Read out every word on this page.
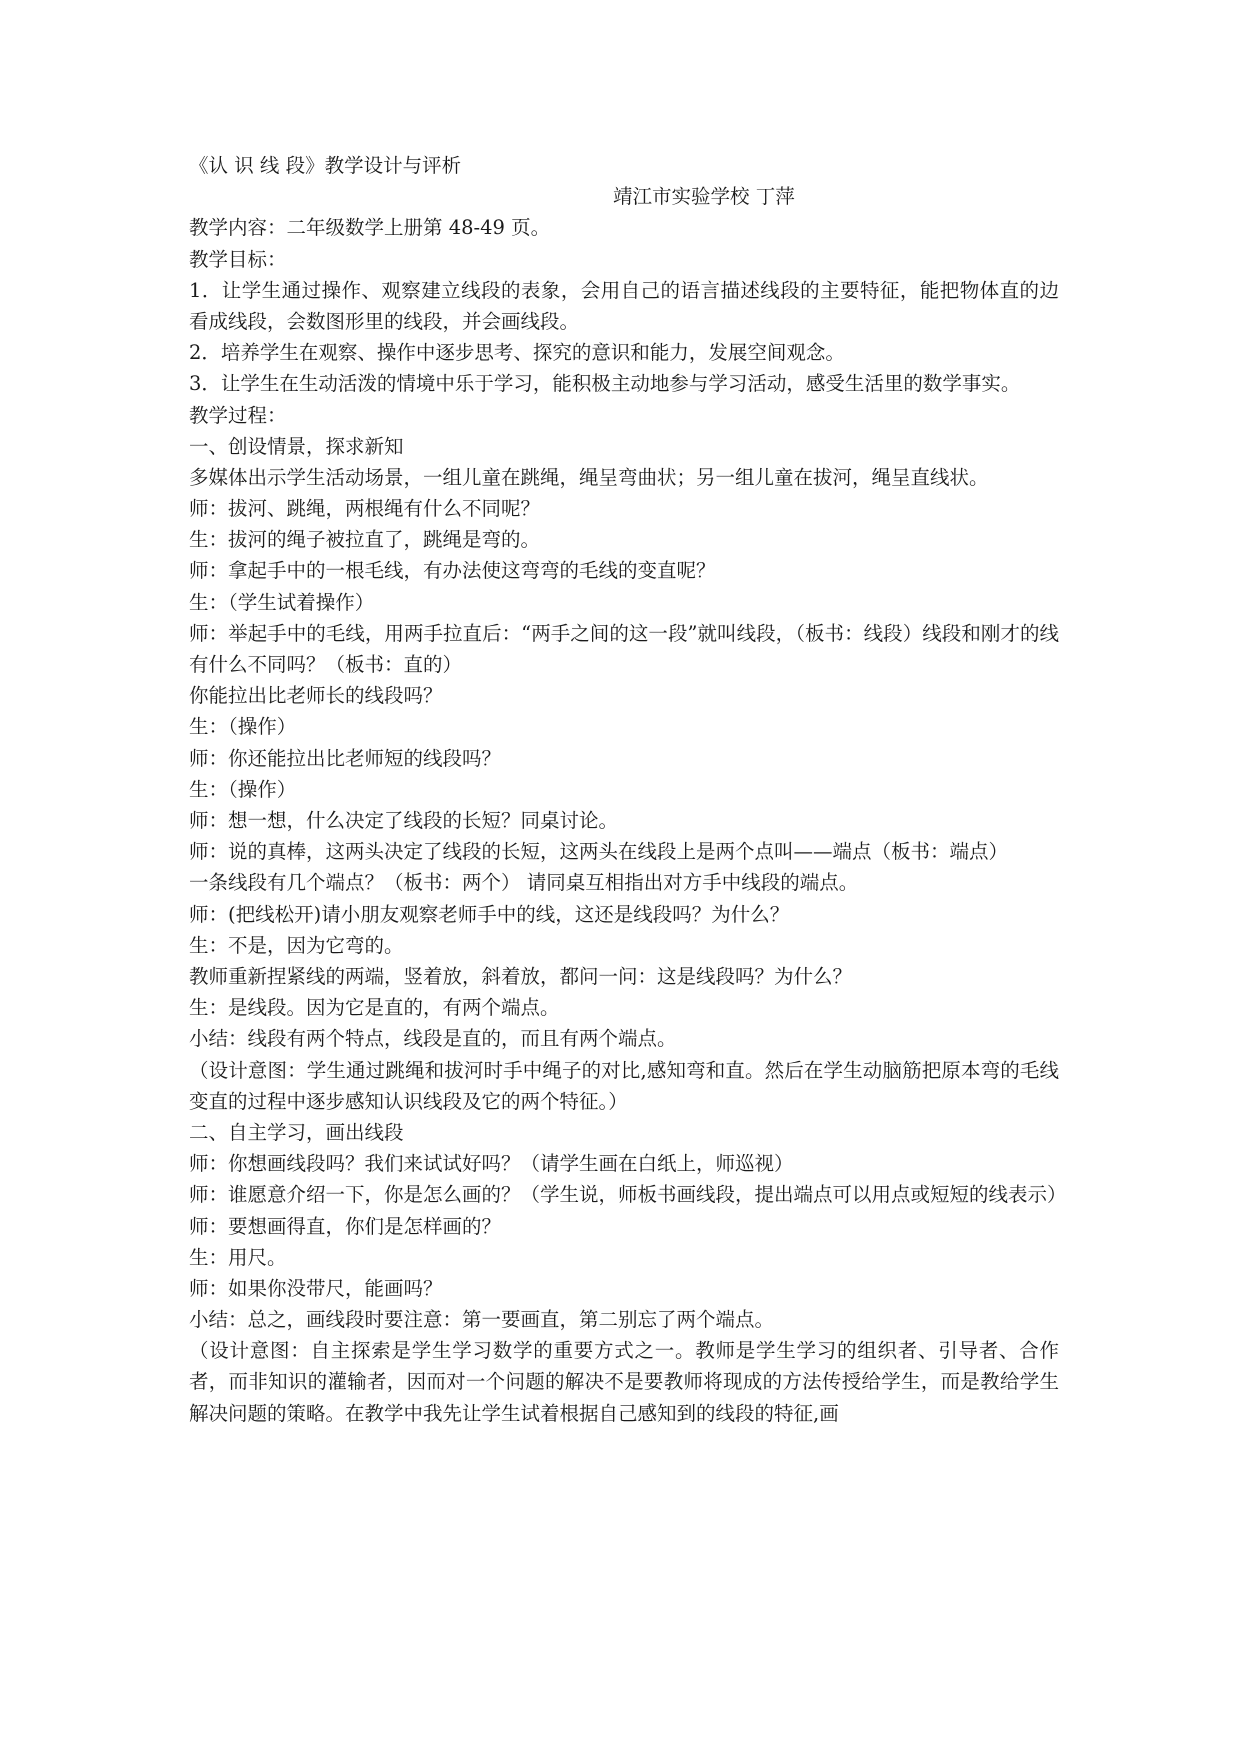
《认 识 线 段》教学设计与评析
靖江市实验学校 丁萍
教学内容：二年级数学上册第 48-49 页。
教学目标：
1．让学生通过操作、观察建立线段的表象，会用自己的语言描述线段的主要特征，能把物体直的边看成线段，会数图形里的线段，并会画线段。
2．培养学生在观察、操作中逐步思考、探究的意识和能力，发展空间观念。
3．让学生在生动活泼的情境中乐于学习，能积极主动地参与学习活动，感受生活里的数学事实。
教学过程：
一、创设情景，探求新知
多媒体出示学生活动场景，一组儿童在跳绳，绳呈弯曲状；另一组儿童在拔河，绳呈直线状。
师：拔河、跳绳，两根绳有什么不同呢？
生：拔河的绳子被拉直了，跳绳是弯的。
师：拿起手中的一根毛线，有办法使这弯弯的毛线的变直呢？
生：（学生试着操作）
师：举起手中的毛线，用两手拉直后：“两手之间的这一段”就叫线段，（板书：线段）线段和刚才的线有什么不同吗？（板书：直的）
你能拉出比老师长的线段吗？
生：（操作）
师：你还能拉出比老师短的线段吗？
生：（操作）
师：想一想，什么决定了线段的长短？同桌讨论。
师：说的真棒，这两头决定了线段的长短，这两头在线段上是两个点叫——端点（板书：端点）
一条线段有几个端点？（板书：两个） 请同桌互相指出对方手中线段的端点。
师：(把线松开)请小朋友观察老师手中的线，这还是线段吗？为什么？
生：不是，因为它弯的。
教师重新捏紧线的两端，竖着放，斜着放，都问一问：这是线段吗？为什么？
生：是线段。因为它是直的，有两个端点。
小结：线段有两个特点，线段是直的，而且有两个端点。
（设计意图：学生通过跳绳和拔河时手中绳子的对比,感知弯和直。然后在学生动脑筋把原本弯的毛线变直的过程中逐步感知认识线段及它的两个特征。）
二、自主学习，画出线段
师：你想画线段吗？我们来试试好吗？（请学生画在白纸上，师巡视）
师：谁愿意介绍一下，你是怎么画的？（学生说，师板书画线段，提出端点可以用点或短短的线表示）
师：要想画得直，你们是怎样画的？
生：用尺。
师：如果你没带尺，能画吗？
小结：总之，画线段时要注意：第一要画直，第二别忘了两个端点。
（设计意图：自主探索是学生学习数学的重要方式之一。教师是学生学习的组织者、引导者、合作者，而非知识的灌输者，因而对一个问题的解决不是要教师将现成的方法传授给学生，而是教给学生解决问题的策略。在教学中我先让学生试着根据自己感知到的线段的特征,画
